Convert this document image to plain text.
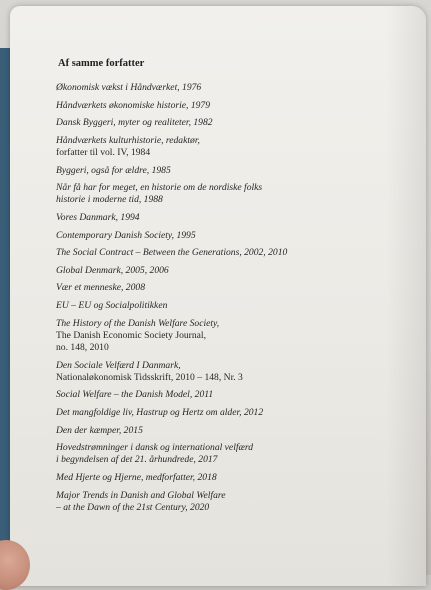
Af samme forfatter
Økonomisk vækst i Håndværket, 1976
Håndværkets økonomiske historie, 1979
Dansk Byggeri, myter og realiteter, 1982
Håndværkets kulturhistorie, redaktør,
forfatter til vol. IV, 1984
Byggeri, også for ældre, 1985
Når få har for meget, en historie om de nordiske folks
historie i moderne tid, 1988
Vores Danmark, 1994
Contemporary Danish Society, 1995
The Social Contract – Between the Generations, 2002, 2010
Global Denmark, 2005, 2006
Vær et menneske, 2008
EU – EU og Socialpolitikken
The History of the Danish Welfare Society,
The Danish Economic Society Journal,
no. 148, 2010
Den Sociale Velfærd I Danmark,
Nationaløkonomisk Tidsskrift, 2010 – 148, Nr. 3
Social Welfare – the Danish Model, 2011
Det mangfoldige liv, Hastrup og Hertz om alder, 2012
Den der kæmper, 2015
Hovedstrømninger i dansk og international velfærd
i begyndelsen af det 21. århundrede, 2017
Med Hjerte og Hjerne, medforfatter, 2018
Major Trends in Danish and Global Welfare
– at the Dawn of the 21st Century, 2020
